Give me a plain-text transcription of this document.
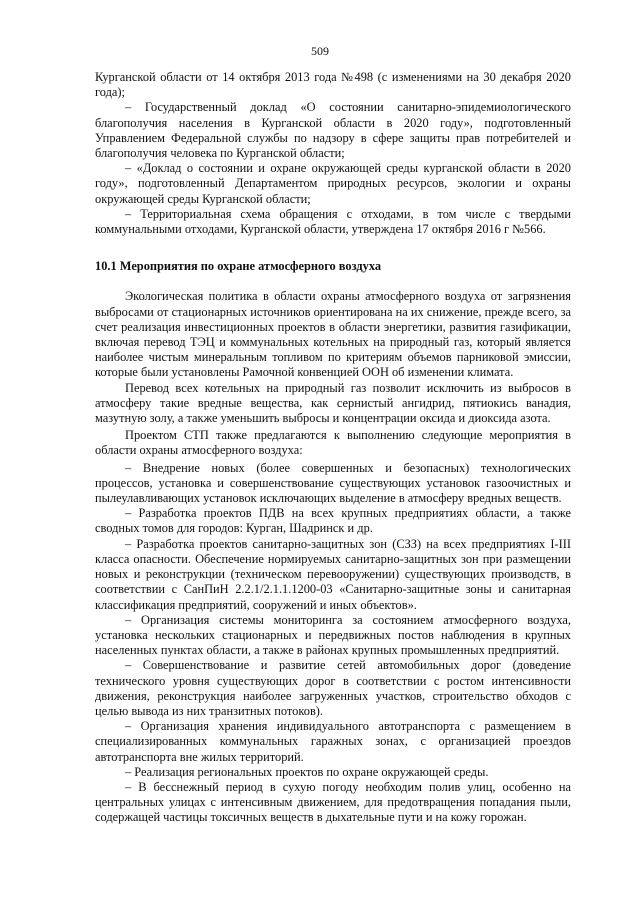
509

Курганской области от 14 октября 2013 года №498 (с изменениями на 30 декабря 2020 года);

– Государственный доклад «О состоянии санитарно-эпидемиологического благополучия населения в Курганской области в 2020 году», подготовленный Управлением Федеральной службы по надзору в сфере защиты прав потребителей и благополучия человека по Курганской области;

– «Доклад о состоянии и охране окружающей среды курганской области в 2020 году», подготовленный Департаментом природных ресурсов, экологии и охраны окружающей среды Курганской области;

– Территориальная схема обращения с отходами, в том числе с твердыми коммунальными отходами, Курганской области, утверждена 17 октября 2016 г №566.

10.1 Мероприятия по охране атмосферного воздуха

Экологическая политика в области охраны атмосферного воздуха от загрязнения выбросами от стационарных источников ориентирована на их снижение, прежде всего, за счет реализация инвестиционных проектов в области энергетики, развития газификации, включая перевод ТЭЦ и коммунальных котельных на природный газ, который является наиболее чистым минеральным топливом по критериям объемов парниковой эмиссии, которые были установлены Рамочной конвенцией ООН об изменении климата.

Перевод всех котельных на природный газ позволит исключить из выбросов в атмосферу такие вредные вещества, как сернистый ангидрид, пятиокись ванадия, мазутную золу, а также уменьшить выбросы и концентрации оксида и диоксида азота.

Проектом СТП также предлагаются к выполнению следующие мероприятия в области охраны атмосферного воздуха:

– Внедрение новых (более совершенных и безопасных) технологических процессов, установка и совершенствование существующих установок газоочистных и пылеулавливающих установок исключающих выделение в атмосферу вредных веществ.

– Разработка проектов ПДВ на всех крупных предприятиях области, а также сводных томов для городов: Курган, Шадринск и др.

– Разработка проектов санитарно-защитных зон (СЗЗ) на всех предприятиях I-III класса опасности. Обеспечение нормируемых санитарно-защитных зон при размещении новых и реконструкции (техническом перевооружении) существующих производств, в соответствии с СанПиН 2.2.1/2.1.1.1200-03 «Санитарно-защитные зоны и санитарная классификация предприятий, сооружений и иных объектов».

– Организация системы мониторинга за состоянием атмосферного воздуха, установка нескольких стационарных и передвижных постов наблюдения в крупных населенных пунктах области, а также в районах крупных промышленных предприятий.

– Совершенствование и развитие сетей автомобильных дорог (доведение технического уровня существующих дорог в соответствии с ростом интенсивности движения, реконструкция наиболее загруженных участков, строительство обходов с целью вывода из них транзитных потоков).

– Организация хранения индивидуального автотранспорта с размещением в специализированных коммунальных гаражных зонах, с организацией проездов автотранспорта вне жилых территорий.

– Реализация региональных проектов по охране окружающей среды.

– В бесснежный период в сухую погоду необходим полив улиц, особенно на центральных улицах с интенсивным движением, для предотвращения попадания пыли, содержащей частицы токсичных веществ в дыхательные пути и на кожу горожан.
